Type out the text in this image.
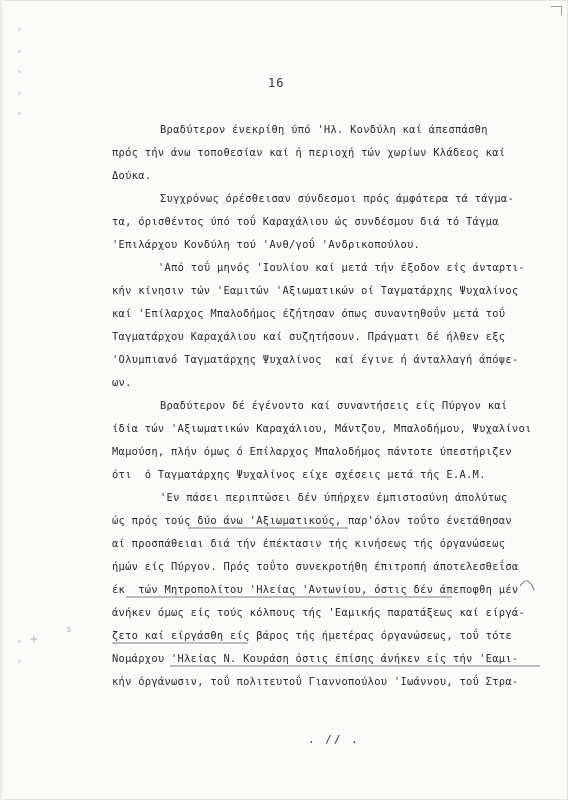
16
Βραδύτερον ένεκρίθη ύπό 'Ηλ. Κονδύλη καί άπεσπάσθη
πρός τήν άνω τοποθεσίαν καί ή περιοχή τών χωρίων Κλάδεος καί
Δούκα.
Συγχρόνως όρέσθεισαν σύνδεσμοι πρός άμφότερα τά τάγμα-
τα, όρισθέντος ύπό τοΰ Καραχάλιου ώς συνδέσμου διά τό Τάγμα
'Επιλάρχου Κονδύλη τού 'Ανθ/γοΰ 'Ανδρικοπούλου.
'Από τοΰ μηνός 'Ιουλίου καί μετά τήν έξοδον είς άνταρτι-
κήν κίνησιν τών 'Εαμιτών 'Αξιωματικών οί Ταγματάρχης Ψυχαλίνος
καί 'Επίλαρχος Μπαλοδήμος έζήτησαν όπως συναντηθοΰν μετά τοΰ
Ταγματάρχου Καραχάλιου καί συζητήσουν. Πράγματι δέ ήλθεν εξς
'Ολυμπιανό Ταγματάρχης Ψυχαλίνος  καί έγινε ή άνταλλαγή άπόψε-
ων.
Βραδύτερον δέ έγένοντο καί συναντήσεις είς Πύργον καί
ίδία τών 'Αξιωματικών Καραχάλιου, Μάντζου, Μπαλοδήμου, Ψυχαλίνοι
Μαμούση, πλήν όμως ό Επίλαρχος Μπαλοδήμος πάντοτε ύπεστήριζεν
ότι  ό Ταγματάρχης Ψυχαλίνος είχε σχέσεις μετά τής Ε.Α.Μ.
'Εν πάσει περιπτώσει δέν ύπήρχεν έμπιστοσύνη άπολύτως
ώς πρός τούς δύο άνω 'Αξιωματικούς, παρ'όλον τοΰτο ένετάθησαν
αί προσπάθειαι διά τήν έπέκτασιν τής κινήσεως τής όργανώσεως
ήμών είς Πύργον. Πρός τοΰτο συνεκροτήθη έπιτροπή άποτελεσθεΐσα
έκ  τών Μητροπολίτου 'Ηλείας 'Αντωνίου, όστις δέν άπεποφθη μέν
άνήκεν όμως είς τούς κόλπους τής 'Εαμικής παρατάξεως καί είργά-
ζετο καί είργάσθη είς βάρος τής ήμετέρας όργανώσεως, τοΰ τότε
Νομάρχου 'Ηλείας Ν. Κουράση όστις έπίσης άνήκεν είς τήν 'Εαμι-
κήν όργάνωσιν, τοΰ πολιτευτοΰ Γιαννοπούλου 'Ιωάννου, τοΰ Στρα-
+
s
. // .
